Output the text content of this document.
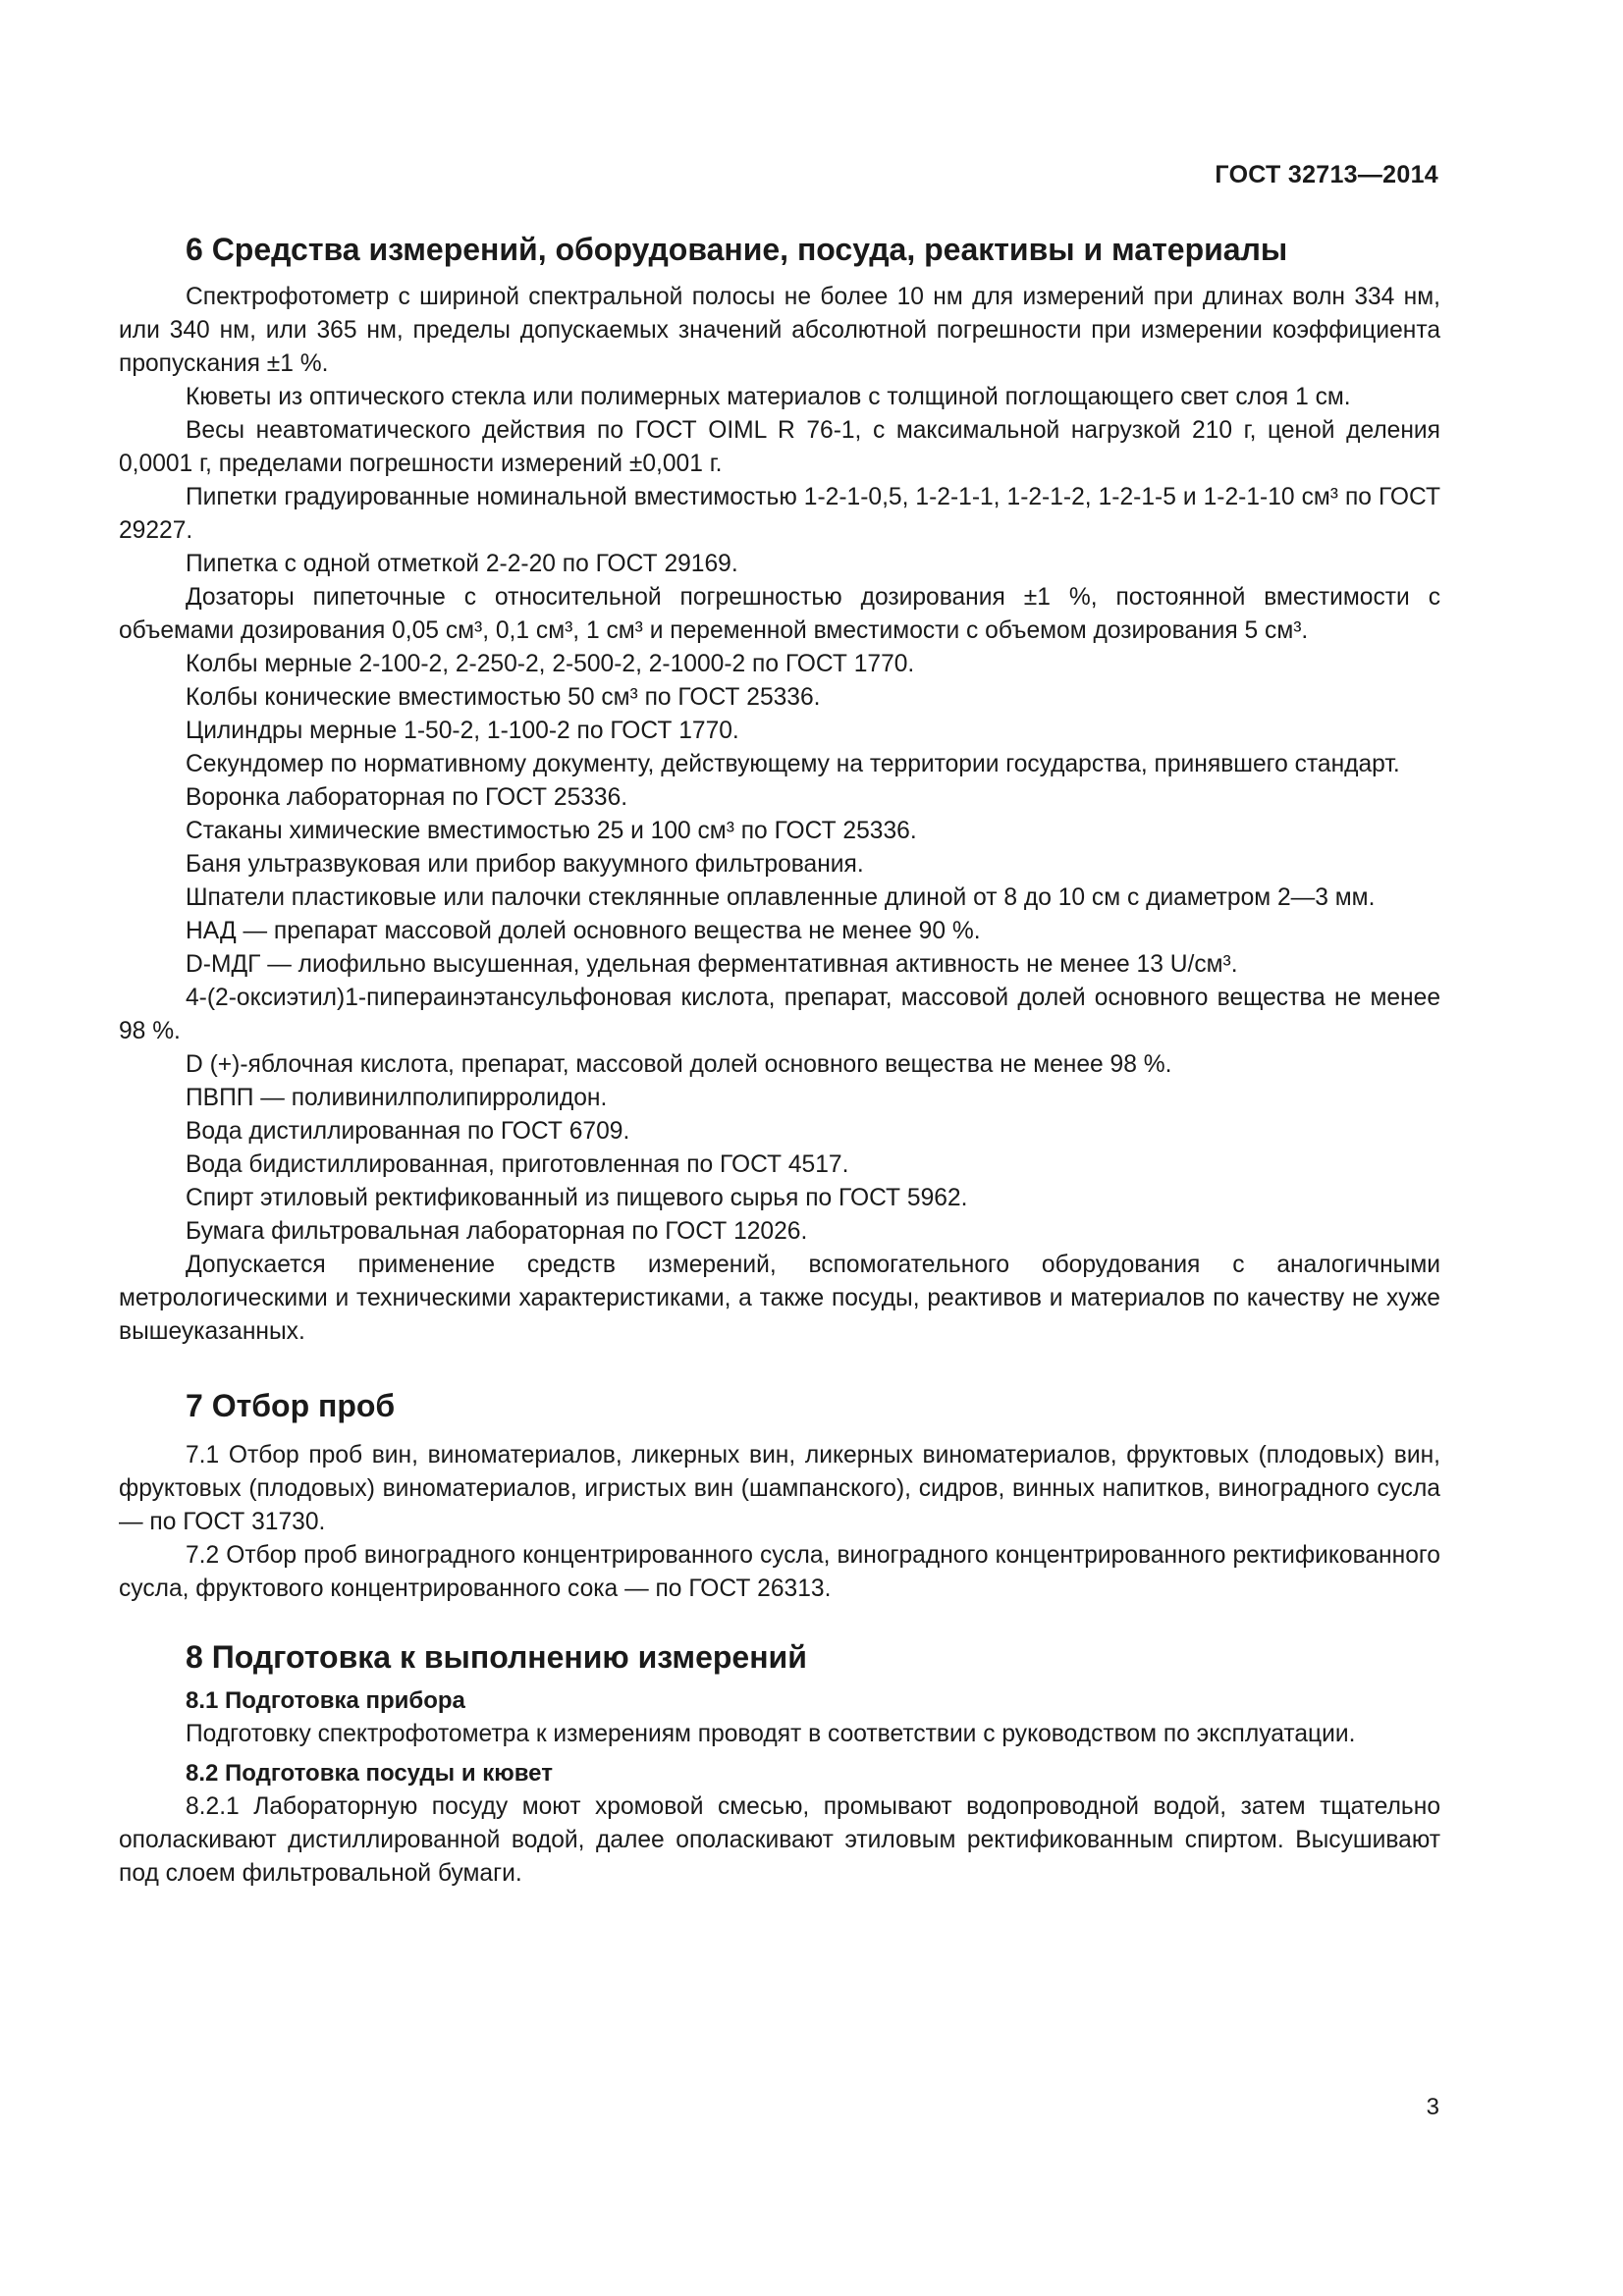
ГОСТ 32713—2014
6 Средства измерений, оборудование, посуда, реактивы и материалы

Спектрофотометр с шириной спектральной полосы не более 10 нм для измерений при длинах волн 334 нм, или 340 нм, или 365 нм, пределы допускаемых значений абсолютной погрешности при измерении коэффициента пропускания ±1 %.

Кюветы из оптического стекла или полимерных материалов с толщиной поглощающего свет слоя 1 см.

Весы неавтоматического действия по ГОСТ OIML R 76-1, с максимальной нагрузкой 210 г, ценой деления 0,0001 г, пределами погрешности измерений ±0,001 г.

Пипетки градуированные номинальной вместимостью 1-2-1-0,5, 1-2-1-1, 1-2-1-2, 1-2-1-5 и 1-2-1-10 см³ по ГОСТ 29227.

Пипетка с одной отметкой 2-2-20 по ГОСТ 29169.

Дозаторы пипеточные с относительной погрешностью дозирования ±1 %, постоянной вместимости с объемами дозирования 0,05 см³, 0,1 см³, 1 см³ и переменной вместимости с объемом дозирования 5 см³.

Колбы мерные 2-100-2, 2-250-2, 2-500-2, 2-1000-2 по ГОСТ 1770.

Колбы конические вместимостью 50 см³ по ГОСТ 25336.

Цилиндры мерные 1-50-2, 1-100-2 по ГОСТ 1770.

Секундомер по нормативному документу, действующему на территории государства, принявшего стандарт.

Воронка лабораторная по ГОСТ 25336.

Стаканы химические вместимостью 25 и 100 см³ по ГОСТ 25336.

Баня ультразвуковая или прибор вакуумного фильтрования.

Шпатели пластиковые или палочки стеклянные оплавленные длиной от 8 до 10 см с диаметром 2—3 мм.

НАД — препарат массовой долей основного вещества не менее 90 %.

D-МДГ — лиофильно высушенная, удельная ферментативная активность не менее 13 U/см³.

4-(2-оксиэтил)1-пипераинэтансульфоновая кислота, препарат, массовой долей основного вещества не менее 98 %.

D (+)-яблочная кислота, препарат, массовой долей основного вещества не менее 98 %.

ПВПП — поливинилполипирролидон.

Вода дистиллированная по ГОСТ 6709.

Вода бидистиллированная, приготовленная по ГОСТ 4517.

Спирт этиловый ректификованный из пищевого сырья по ГОСТ 5962.

Бумага фильтровальная лабораторная по ГОСТ 12026.

Допускается применение средств измерений, вспомогательного оборудования с аналогичными метрологическими и техническими характеристиками, а также посуды, реактивов и материалов по качеству не хуже вышеуказанных.

7 Отбор проб

7.1 Отбор проб вин, виноматериалов, ликерных вин, ликерных виноматериалов, фруктовых (плодовых) вин, фруктовых (плодовых) виноматериалов, игристых вин (шампанского), сидров, винных напитков, виноградного сусла — по ГОСТ 31730.

7.2 Отбор проб виноградного концентрированного сусла, виноградного концентрированного ректификованного сусла, фруктового концентрированного сока — по ГОСТ 26313.

8 Подготовка к выполнению измерений
8.1 Подготовка прибора

Подготовку спектрофотометра к измерениям проводят в соответствии с руководством по эксплуатации.

8.2 Подготовка посуды и кювет

8.2.1 Лабораторную посуду моют хромовой смесью, промывают водопроводной водой, затем тщательно ополаскивают дистиллированной водой, далее ополаскивают этиловым ректификованным спиртом. Высушивают под слоем фильтровальной бумаги.

3
